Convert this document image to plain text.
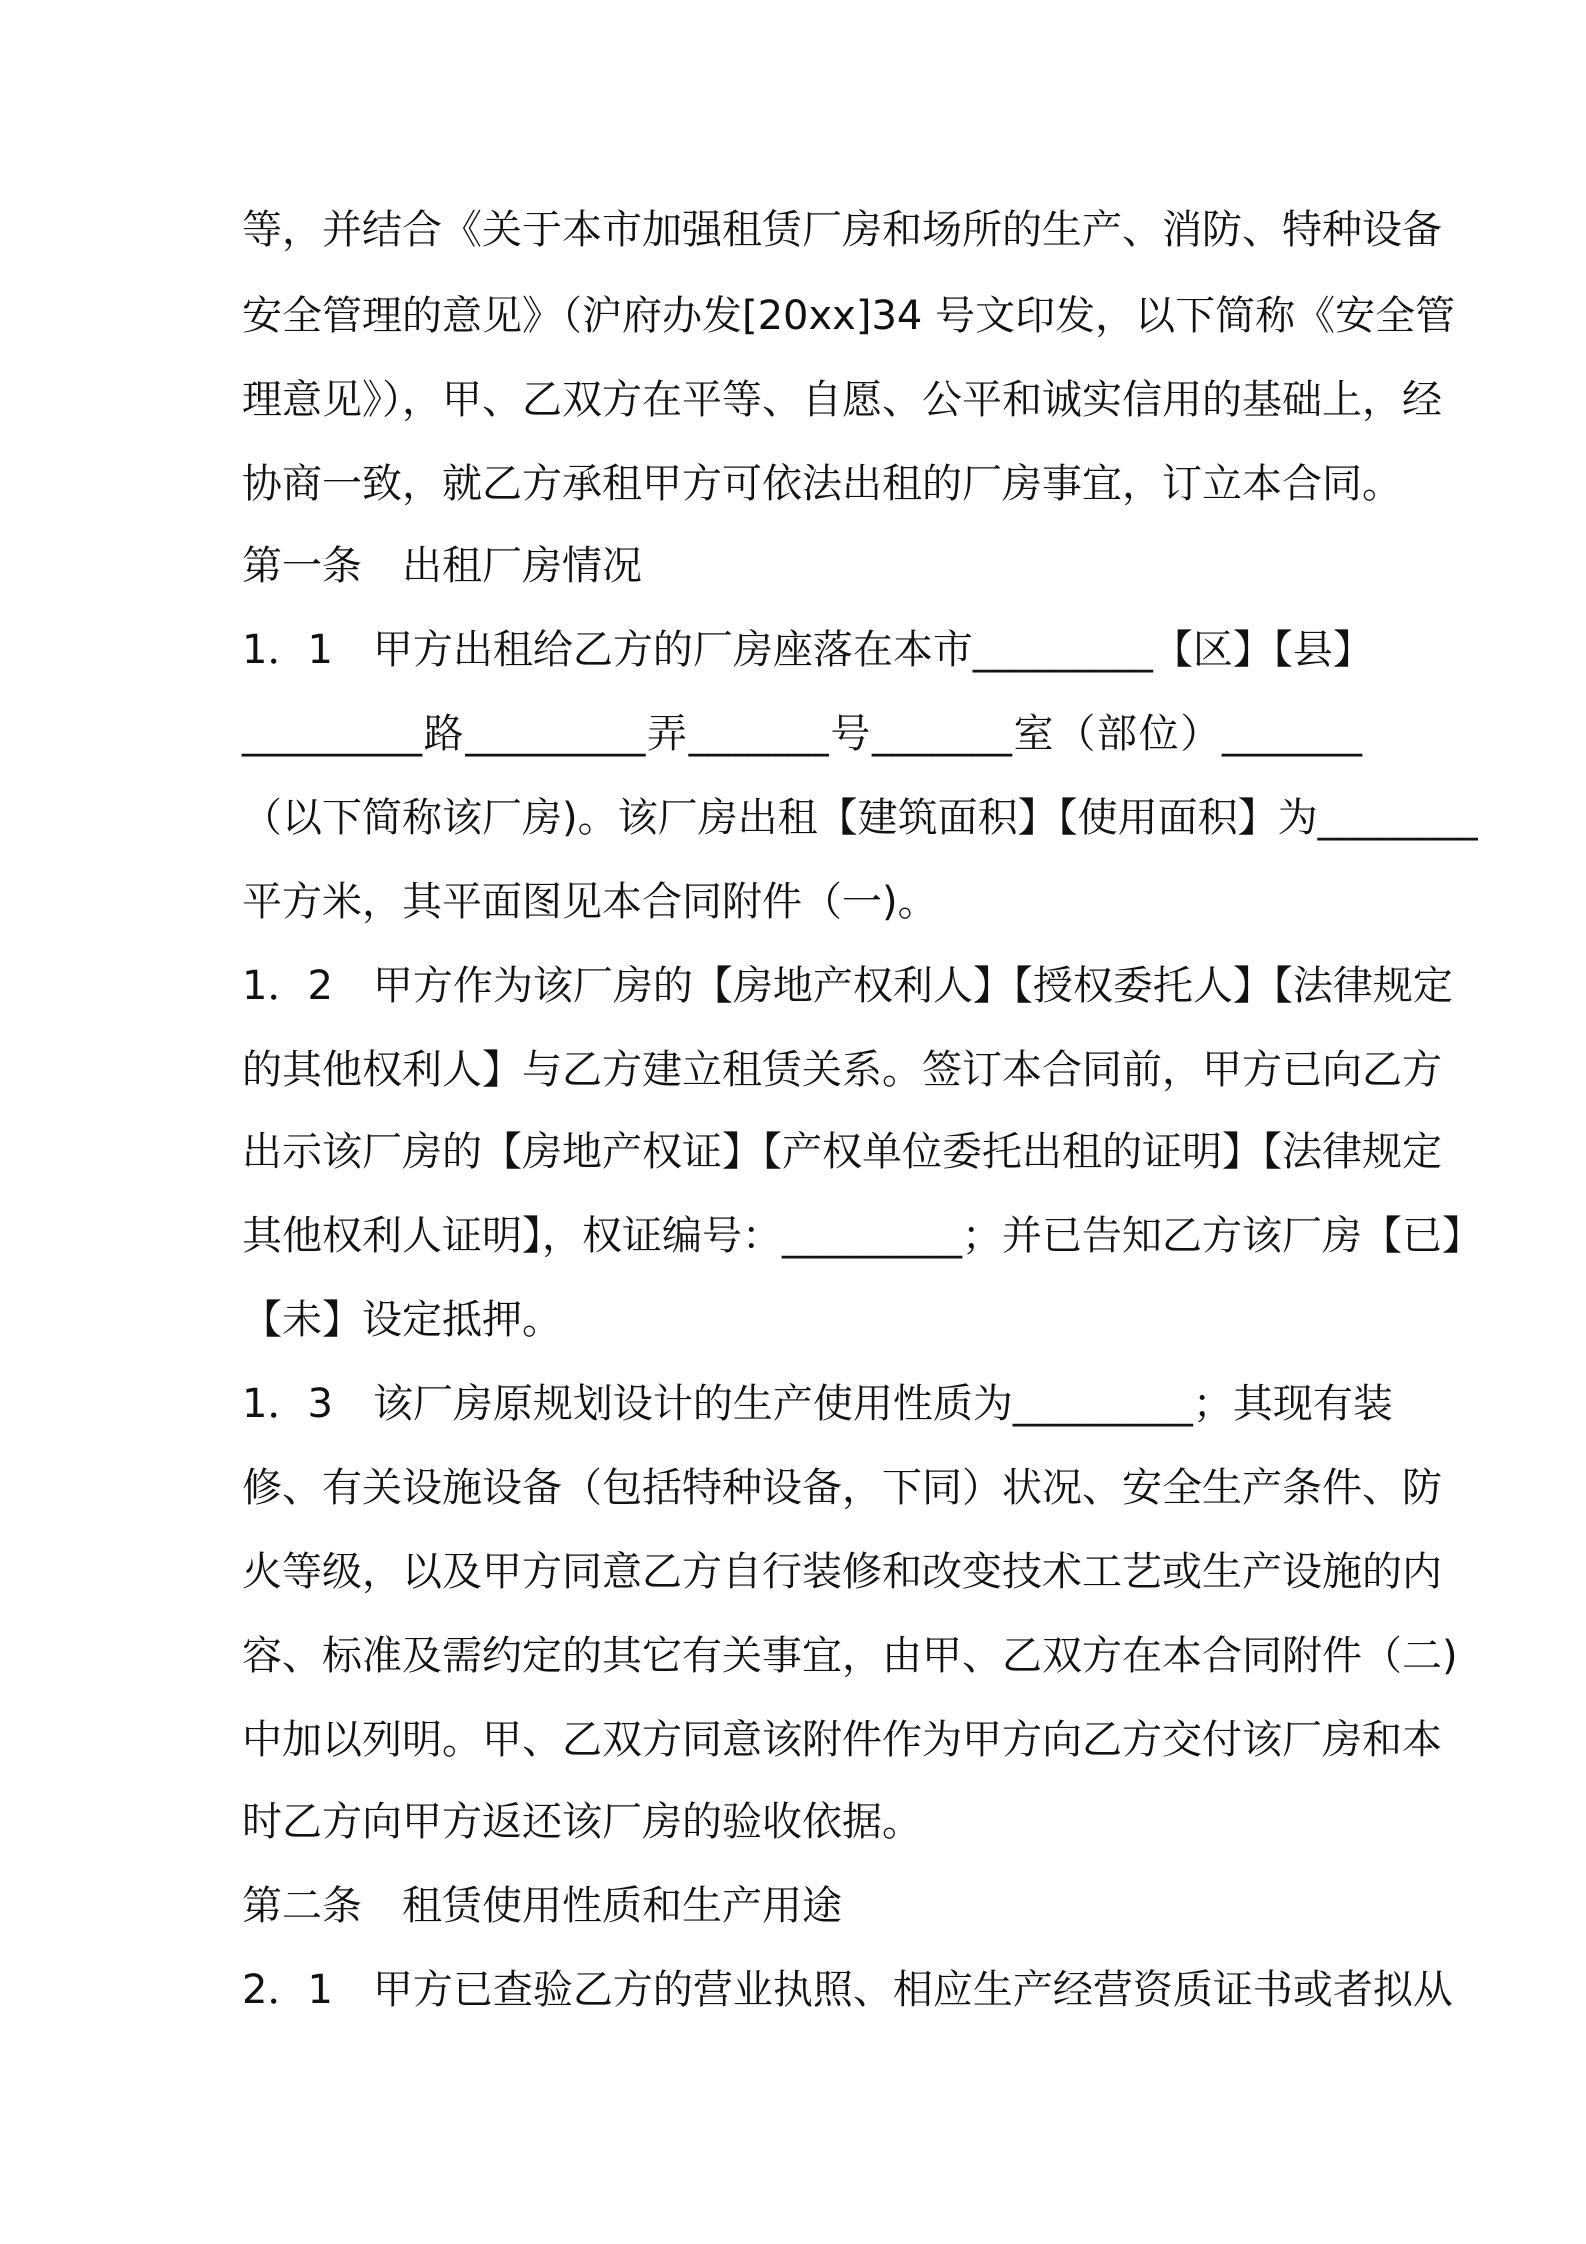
等，并结合《关于本市加强租赁厂房和场所的生产、消防、特种设备
安全管理的意见》（沪府办发[20xx]34 号文印发，以下简称《安全管
理意见》），甲、乙双方在平等、自愿、公平和诚实信用的基础上，经
协商一致，就乙方承租甲方可依法出租的厂房事宜，订立本合同。
第一条　出租厂房情况
1．1　甲方出租给乙方的厂房座落在本市_________【区】【县】
_________路_________弄_______号_______室（部位）_______
（以下简称该厂房)。该厂房出租【建筑面积】【使用面积】为________
平方米，其平面图见本合同附件（一)。
1．2　甲方作为该厂房的【房地产权利人】【授权委托人】【法律规定
的其他权利人】与乙方建立租赁关系。签订本合同前，甲方已向乙方
出示该厂房的【房地产权证】【产权单位委托出租的证明】【法律规定
其他权利人证明】，权证编号：_________；并已告知乙方该厂房【已】
【未】设定抵押。
1．3　该厂房原规划设计的生产使用性质为_________；其现有装
修、有关设施设备（包括特种设备，下同）状况、安全生产条件、防
火等级，以及甲方同意乙方自行装修和改变技术工艺或生产设施的内
容、标准及需约定的其它有关事宜，由甲、乙双方在本合同附件（二)
中加以列明。甲、乙双方同意该附件作为甲方向乙方交付该厂房和本
时乙方向甲方返还该厂房的验收依据。
第二条　租赁使用性质和生产用途
2．1　甲方已查验乙方的营业执照、相应生产经营资质证书或者拟从
